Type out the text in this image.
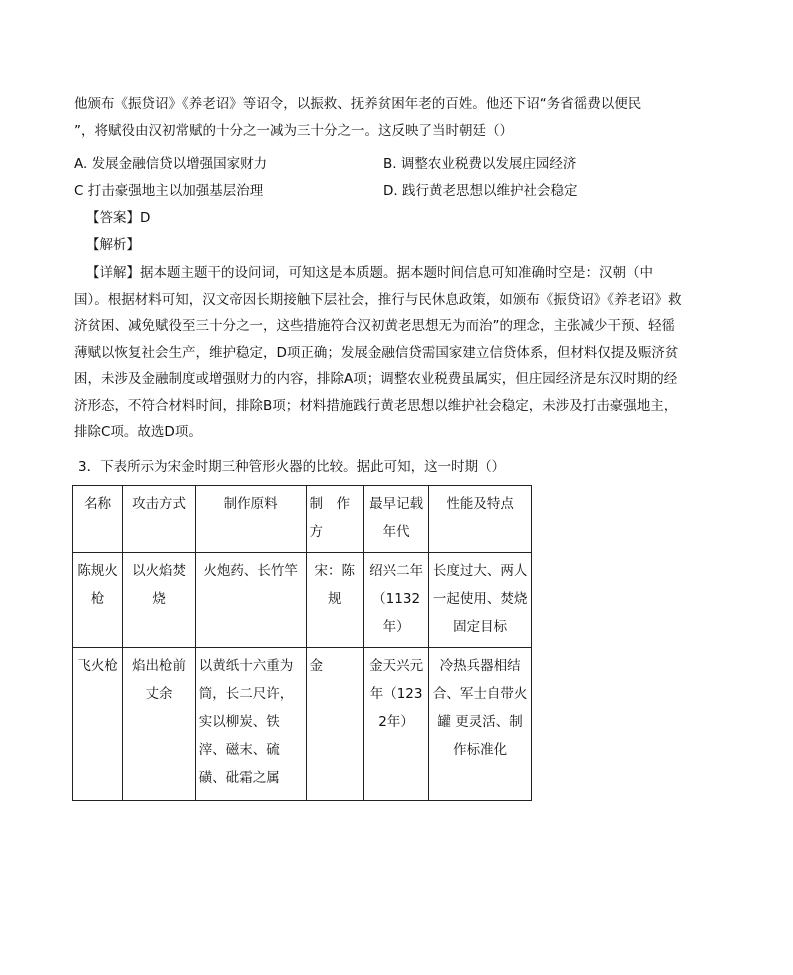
他颁布《振贷诏》《养老诏》等诏令，以振救、抚养贫困年老的百姓。他还下诏“务省徭费以便民
”，将赋役由汉初常赋的十分之一减为三十分之一。这反映了当时朝廷（）
A. 发展金融信贷以增强国家财力	B. 调整农业税费以发展庄园经济
C 打击豪强地主以加强基层治理	D. 践行黄老思想以维护社会稳定
【答案】D
【解析】
【详解】据本题主题干的设问词，可知这是本质题。据本题时间信息可知准确时空是：汉朝（中国）。根据材料可知，汉文帝因长期接触下层社会，推行与民休息政策，如颁布《振贷诏》《养老诏》救济贫困、减免赋役至三十分之一，这些措施符合汉初黄老思想无为而治”的理念，主张减少干预、轻徭薄赋以恢复社会生产，维护稳定，D项正确；发展金融信贷需国家建立信贷体系，但材料仅提及赈济贫困，未涉及金融制度或增强财力的内容，排除A项；调整农业税费虽属实，但庄园经济是东汉时期的经济形态，不符合材料时间，排除B项；材料措施践行黄老思想以维护社会稳定，未涉及打击豪强地主，排除C项。故选D项。
3．下表所示为宋金时期三种管形火器的比较。据此可知，这一时期（）
名称	攻击方式	制作原料	制　作方	最早记载年代	性能及特点
陈规火枪	以火焰焚烧	火炮药、长竹竿	宋：陈规	绍兴二年（1132年）	长度过大、两人一起使用、焚烧固定目标
飞火枪	焰出枪前丈余	以黄纸十六重为筒，长二尺许，实以柳炭、铁滓、磁末、硫磺、砒霜之属	金	金天兴元年（1232年）	冷热兵器相结合、军士自带火罐 更灵活、制作标准化
